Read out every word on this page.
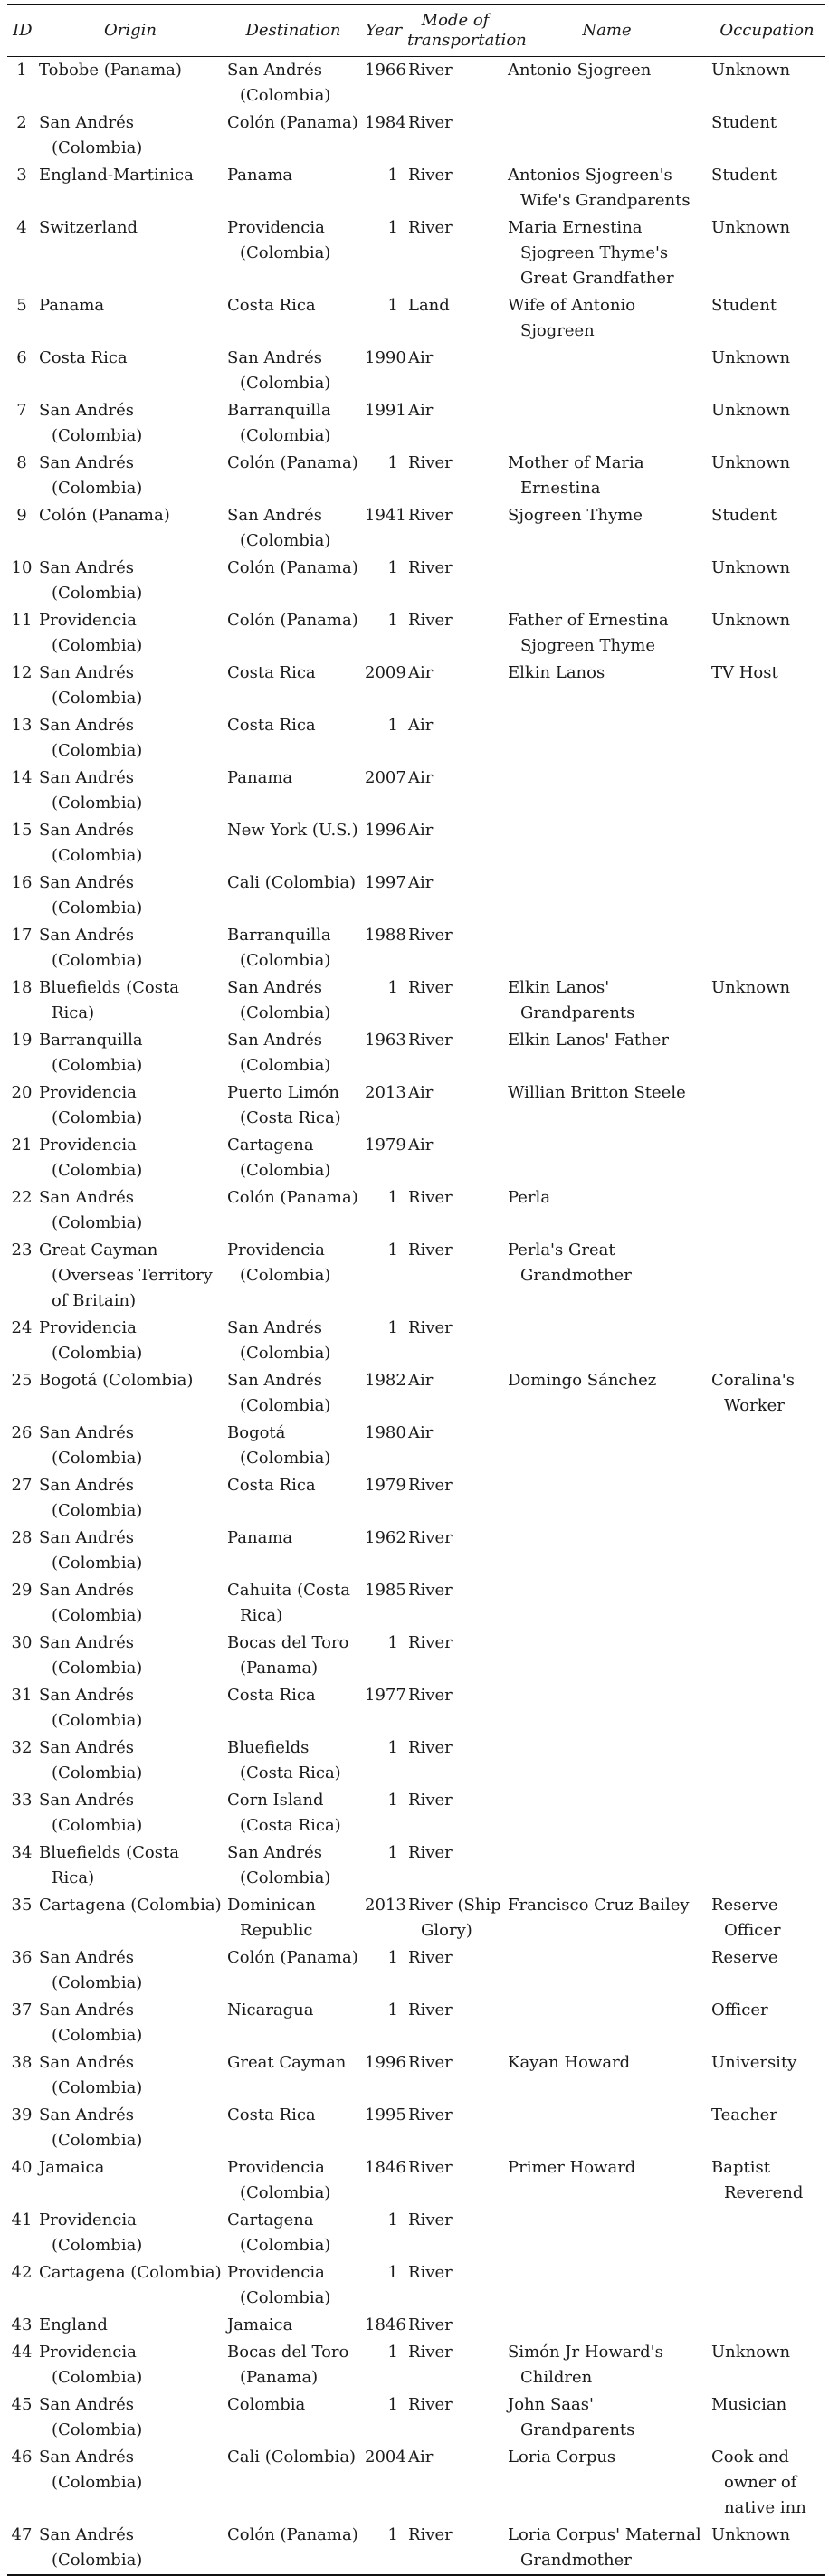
ID	Origin	Destination	Year	Mode of transportation	Name	Occupation

1	Tobobe (Panama)	San Andrés (Colombia)	1966	River	Antonio Sjogreen	Unknown

2	San Andrés (Colombia)	Colón (Panama)	1984	River		Student

3	England-Martinica	Panama	1	River	Antonios Sjogreen's Wife's Grandparents	Student

4	Switzerland	Providencia (Colombia)	1	River	Maria Ernestina Sjogreen Thyme's Great Grandfather	Unknown

5	Panama	Costa Rica	1	Land	Wife of Antonio Sjogreen	Student

6	Costa Rica	San Andrés (Colombia)	1990	Air		Unknown

7	San Andrés (Colombia)	Barranquilla (Colombia)	1991	Air		Unknown

8	San Andrés (Colombia)	Colón (Panama)	1	River	Mother of Maria Ernestina	Unknown

9	Colón (Panama)	San Andrés (Colombia)	1941	River	Sjogreen Thyme	Student

10	San Andrés (Colombia)	Colón (Panama)	1	River		Unknown

11	Providencia (Colombia)	Colón (Panama)	1	River	Father of Ernestina Sjogreen Thyme	Unknown

12	San Andrés (Colombia)	Costa Rica	2009	Air	Elkin Lanos	TV Host

13	San Andrés (Colombia)	Costa Rica	1	Air		

14	San Andrés (Colombia)	Panama	2007	Air		

15	San Andrés (Colombia)	New York (U.S.)	1996	Air		

16	San Andrés (Colombia)	Cali (Colombia)	1997	Air		

17	San Andrés (Colombia)	Barranquilla (Colombia)	1988	River		

18	Bluefields (Costa Rica)	San Andrés (Colombia)	1	River	Elkin Lanos' Grandparents	Unknown

19	Barranquilla (Colombia)	San Andrés (Colombia)	1963	River	Elkin Lanos' Father	

20	Providencia (Colombia)	Puerto Limón (Costa Rica)	2013	Air	Willian Britton Steele	

21	Providencia (Colombia)	Cartagena (Colombia)	1979	Air		

22	San Andrés (Colombia)	Colón (Panama)	1	River	Perla	

23	Great Cayman (Overseas Territory of Britain)	Providencia (Colombia)	1	River	Perla's Great Grandmother	

24	Providencia (Colombia)	San Andrés (Colombia)	1	River		

25	Bogotá (Colombia)	San Andrés (Colombia)	1982	Air	Domingo Sánchez	Coralina's Worker

26	San Andrés (Colombia)	Bogotá (Colombia)	1980	Air		

27	San Andrés (Colombia)	Costa Rica	1979	River		

28	San Andrés (Colombia)	Panama	1962	River		

29	San Andrés (Colombia)	Cahuita (Costa Rica)	1985	River		

30	San Andrés (Colombia)	Bocas del Toro (Panama)	1	River		

31	San Andrés (Colombia)	Costa Rica	1977	River		

32	San Andrés (Colombia)	Bluefields (Costa Rica)	1	River		

33	San Andrés (Colombia)	Corn Island (Costa Rica)	1	River		

34	Bluefields (Costa Rica)	San Andrés (Colombia)	1	River		

35	Cartagena (Colombia)	Dominican Republic	2013	River (Ship Glory)	Francisco Cruz Bailey	Reserve Officer

36	San Andrés (Colombia)	Colón (Panama)	1	River		Reserve

37	San Andrés (Colombia)	Nicaragua	1	River		Officer

38	San Andrés (Colombia)	Great Cayman	1996	River	Kayan Howard	University

39	San Andrés (Colombia)	Costa Rica	1995	River		Teacher

40	Jamaica	Providencia (Colombia)	1846	River	Primer Howard	Baptist Reverend

41	Providencia (Colombia)	Cartagena (Colombia)	1	River		

42	Cartagena (Colombia)	Providencia (Colombia)	1	River		

43	England	Jamaica	1846	River		

44	Providencia (Colombia)	Bocas del Toro (Panama)	1	River	Simón Jr Howard's Children	Unknown

45	San Andrés (Colombia)	Colombia	1	River	John Saas' Grandparents	Musician

46	San Andrés (Colombia)	Cali (Colombia)	2004	Air	Loria Corpus	Cook and owner of native inn

47	San Andrés (Colombia)	Colón (Panama)	1	River	Loria Corpus' Maternal Grandmother	Unknown
